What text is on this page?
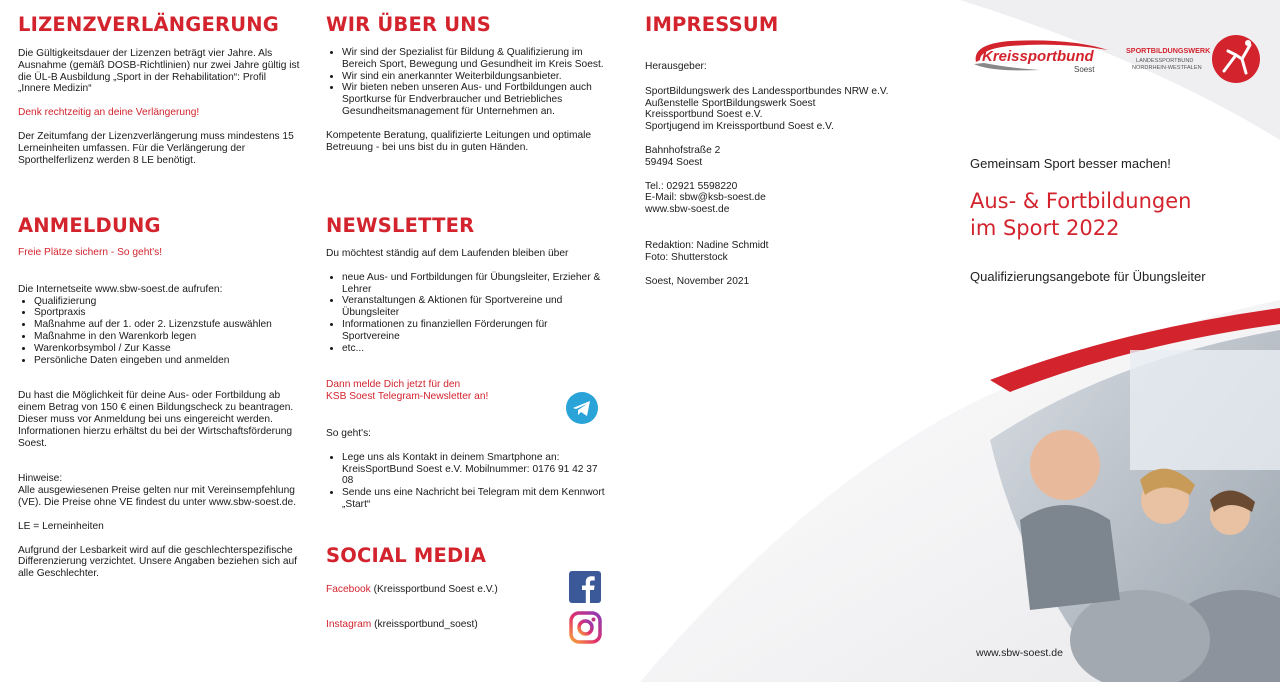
LIZENZVERLÄNGERUNG

Die Gültigkeitsdauer der Lizenzen beträgt vier Jahre. Als Ausnahme (gemäß DOSB-Richtlinien) nur zwei Jahre gültig ist die ÜL-B Ausbildung „Sport in der Rehabilitation“: Profil „Innere Medizin“

Denk rechtzeitig an deine Verlängerung!

Der Zeitumfang der Lizenzverlängerung muss mindestens 15 Lerneinheiten umfassen. Für die Verlängerung der Sporthelferlizenz werden 8 LE benötigt.

ANMELDUNG

Freie Plätze sichern - So geht's!

Die Internetseite www.sbw-soest.de aufrufen:

• Qualifizierung
• Sportpraxis
• Maßnahme auf der 1. oder 2. Lizenzstufe auswählen
• Maßnahme in den Warenkorb legen
• Warenkorbsymbol / Zur Kasse
• Persönliche Daten eingeben und anmelden

Du hast die Möglichkeit für deine Aus- oder Fortbildung ab einem Betrag von 150 € einen Bildungscheck zu beantragen.

Dieser muss vor Anmeldung bei uns eingereicht werden. Informationen hierzu erhältst du bei der Wirtschaftsförderung Soest.

Hinweise:

Alle ausgewiesenen Preise gelten nur mit Vereinsempfehlung (VE). Die Preise ohne VE findest du unter www.sbw-soest.de.

LE = Lerneinheiten

Aufgrund der Lesbarkeit wird auf die geschlechterspezifische Differenzierung verzichtet. Unsere Angaben beziehen sich auf alle Geschlechter.

WIR ÜBER UNS
• Wir sind der Spezialist für Bildung & Qualifizierung im Bereich Sport, Bewegung und Gesundheit im Kreis Soest.
• Wir sind ein anerkannter Weiterbildungsanbieter.
• Wir bieten neben unseren Aus- und Fortbildungen auch Sportkurse für Endverbraucher und Betriebliches Gesundheitsmanagement für Unternehmen an.

Kompetente Beratung, qualifizierte Leitungen und optimale Betreuung - bei uns bist du in guten Händen.

NEWSLETTER

Du möchtest ständig auf dem Laufenden bleiben über

• neue Aus- und Fortbildungen für Übungsleiter, Erzieher & Lehrer
• Veranstaltungen & Aktionen für Sportvereine und Übungsleiter
• Informationen zu finanziellen Förderungen für Sportvereine
• etc...

Dann melde Dich jetzt für den

KSB Soest Telegram-Newsletter an!

So geht's:

• Lege uns als Kontakt in deinem Smartphone an: KreisSportBund Soest e.V. Mobilnummer: 0176 91 42 37 08
• Sende uns eine Nachricht bei Telegram mit dem Kennwort „Start“
SOCIAL MEDIA
Facebook (Kreissportbund Soest e.V.)
Instagram (kreissportbund_soest)
IMPRESSUM

Herausgeber:

SportBildungswerk des Landessportbundes NRW e.V.

Außenstelle SportBildungswerk Soest

Kreissportbund Soest e.V.

Sportjugend im Kreissportbund Soest e.V.

Bahnhofstraße 2

59494 Soest

Tel.: 02921 5598220

E-Mail: sbw@ksb-soest.de

www.sbw-soest.de

Redaktion: Nadine Schmidt

Foto: Shutterstock

Soest, November 2021

Kreissportbund
Soest
SPORTBILDUNGSWERK
LANDESSPORTBUND
NORDRHEIN-WESTFALEN
Gemeinsam Sport besser machen!
Aus- & Fortbildungen
im Sport 2022
Qualifizierungsangebote für Übungsleiter
www.sbw-soest.de
